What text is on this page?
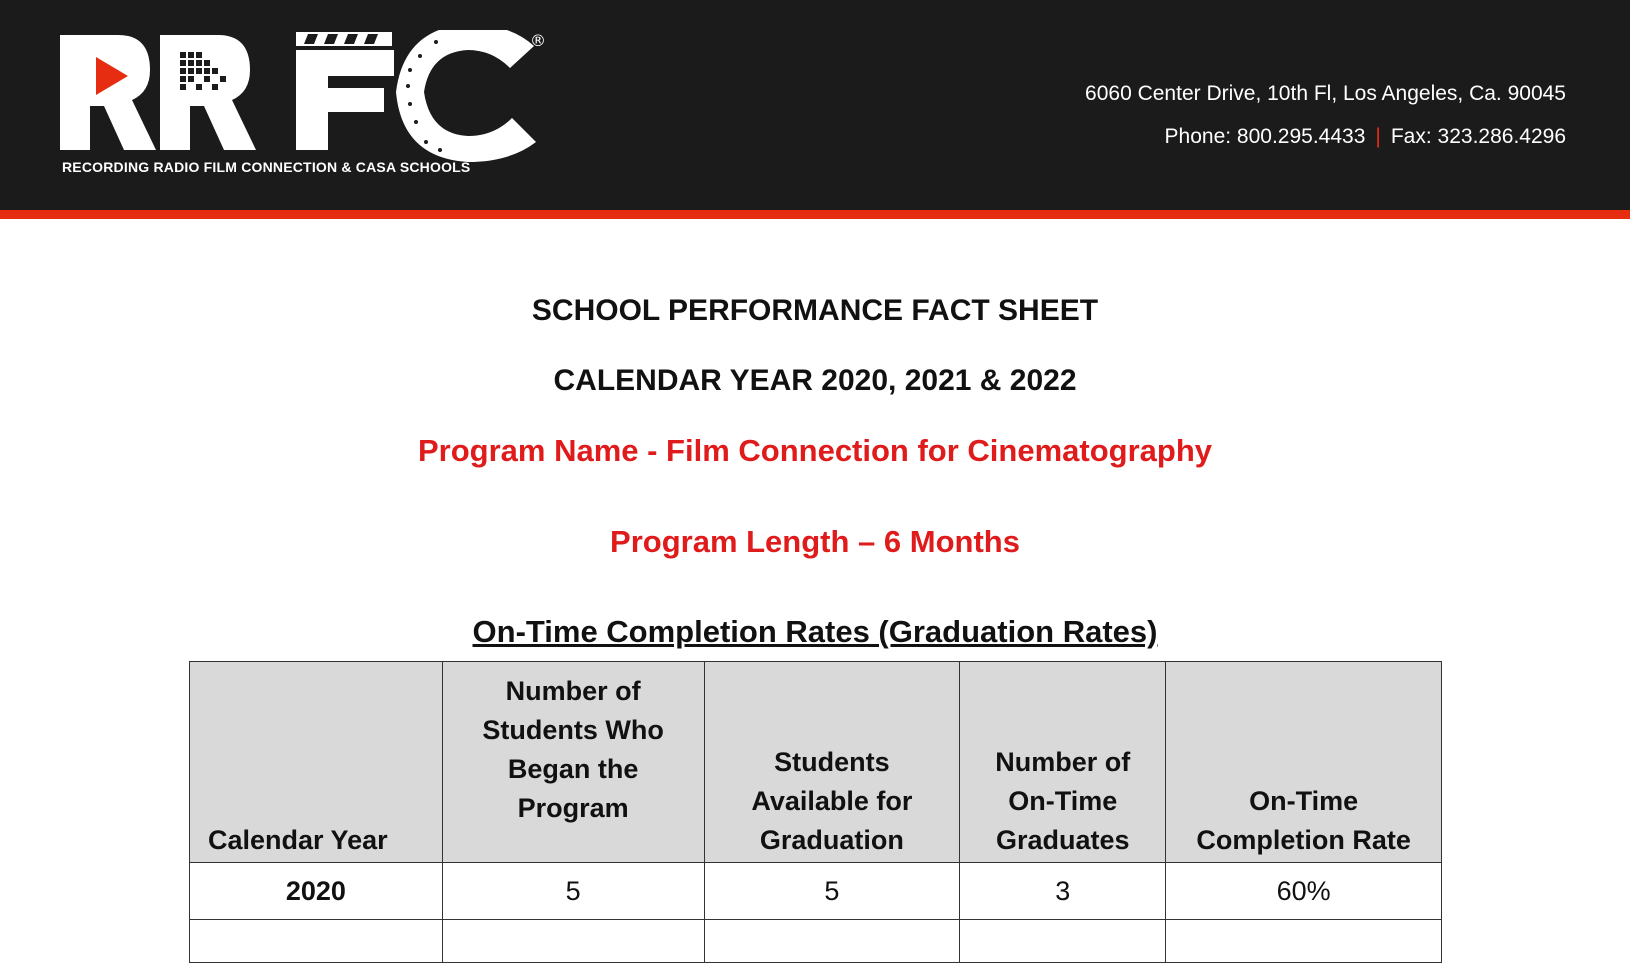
®
RECORDING RADIO FILM CONNECTION & CASA SCHOOLS
6060 Center Drive, 10th Fl, Los Angeles, Ca. 90045
Phone: 800.295.4433 | Fax: 323.286.4296
SCHOOL PERFORMANCE FACT SHEET
CALENDAR YEAR 2020, 2021 & 2022
Program Name - Film Connection for Cinematography
Program Length – 6 Months
On-Time Completion Rates (Graduation Rates)
Calendar Year	Number of Students Who Began the Program	Students Available for Graduation	Number of On-Time Graduates	On-Time Completion Rate
2020	5	5	3	60%
